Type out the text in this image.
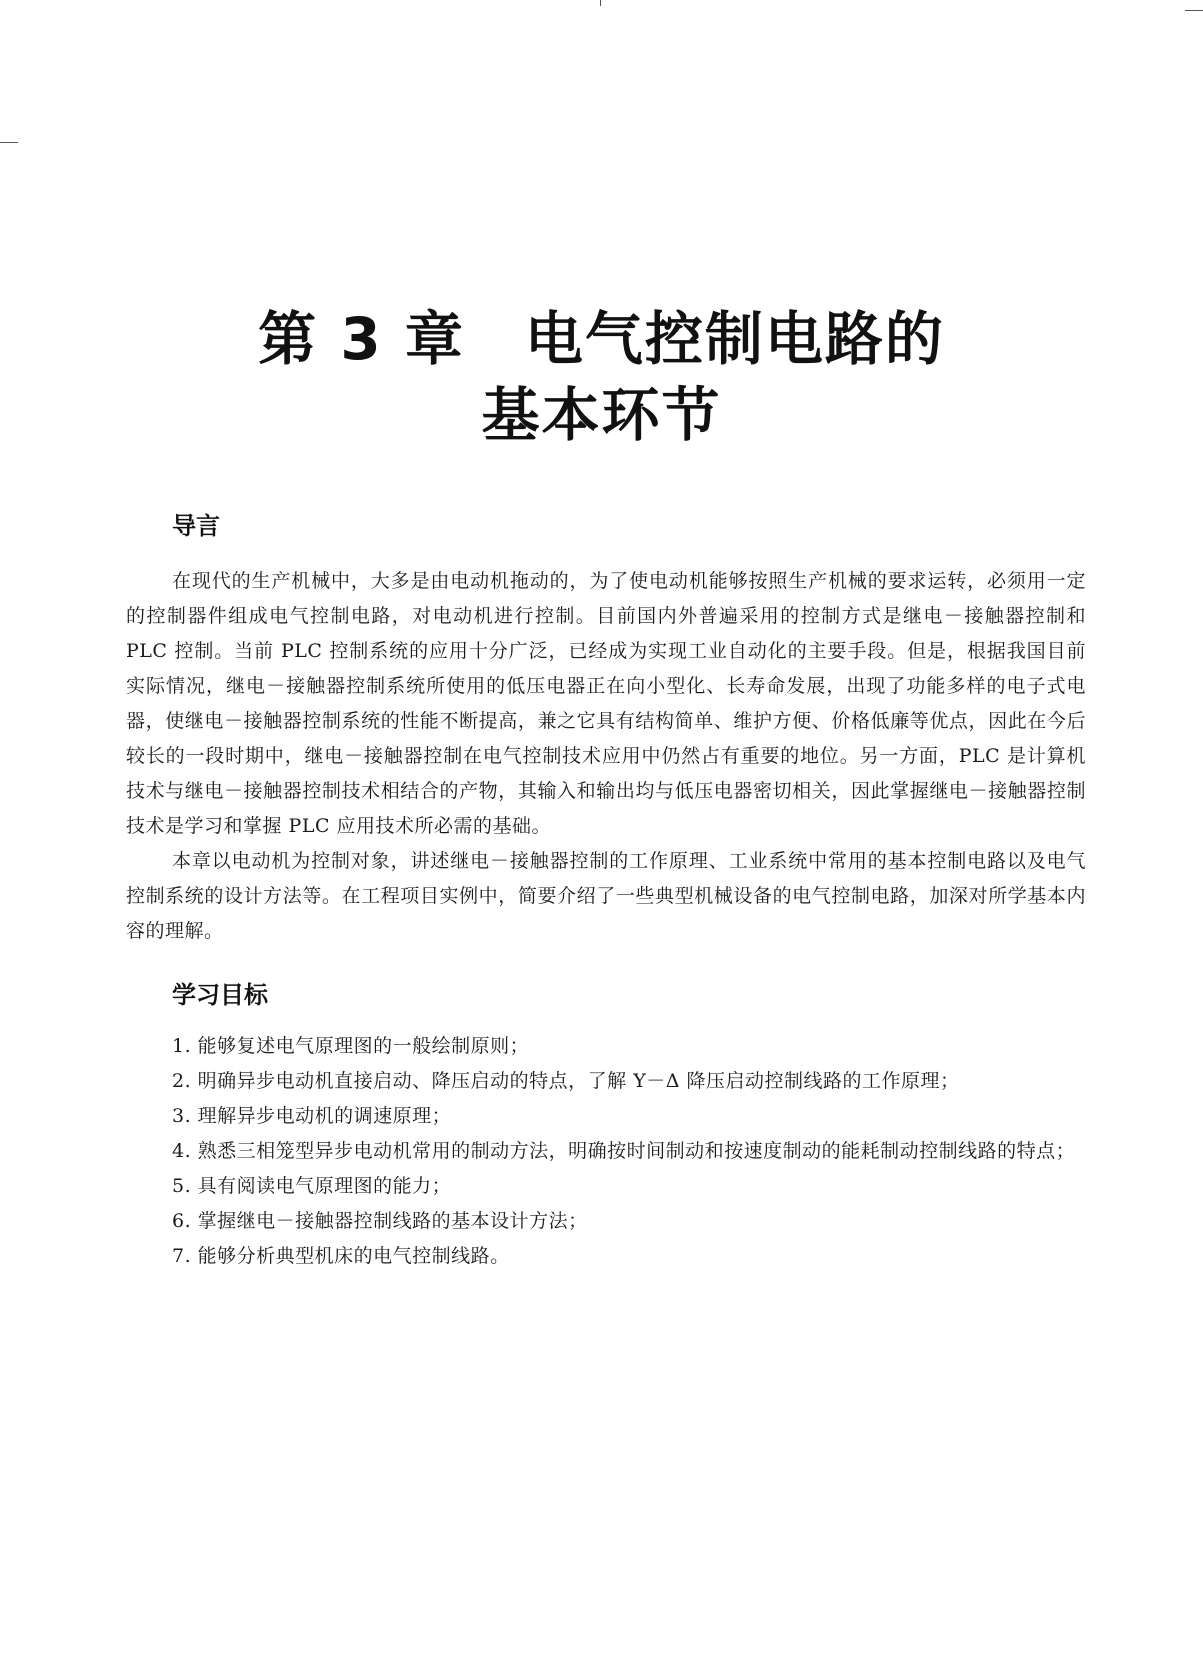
第 3 章　电气控制电路的
基本环节
导言

在现代的生产机械中，大多是由电动机拖动的，为了使电动机能够按照生产机械的要求运转，必须用一定的控制器件组成电气控制电路，对电动机进行控制。目前国内外普遍采用的控制方式是继电－接触器控制和 PLC 控制。当前 PLC 控制系统的应用十分广泛，已经成为实现工业自动化的主要手段。但是，根据我国目前实际情况，继电－接触器控制系统所使用的低压电器正在向小型化、长寿命发展，出现了功能多样的电子式电器，使继电－接触器控制系统的性能不断提高，兼之它具有结构简单、维护方便、价格低廉等优点，因此在今后较长的一段时期中，继电－接触器控制在电气控制技术应用中仍然占有重要的地位。另一方面，PLC 是计算机技术与继电－接触器控制技术相结合的产物，其输入和输出均与低压电器密切相关，因此掌握继电－接触器控制技术是学习和掌握 PLC 应用技术所必需的基础。

本章以电动机为控制对象，讲述继电－接触器控制的工作原理、工业系统中常用的基本控制电路以及电气控制系统的设计方法等。在工程项目实例中，简要介绍了一些典型机械设备的电气控制电路，加深对所学基本内容的理解。

学习目标
1. 能够复述电气原理图的一般绘制原则；
2. 明确异步电动机直接启动、降压启动的特点，了解 Y－Δ 降压启动控制线路的工作原理；
3. 理解异步电动机的调速原理；
4. 熟悉三相笼型异步电动机常用的制动方法，明确按时间制动和按速度制动的能耗制动控制线路的特点；
5. 具有阅读电气原理图的能力；
6. 掌握继电－接触器控制线路的基本设计方法；
7. 能够分析典型机床的电气控制线路。
